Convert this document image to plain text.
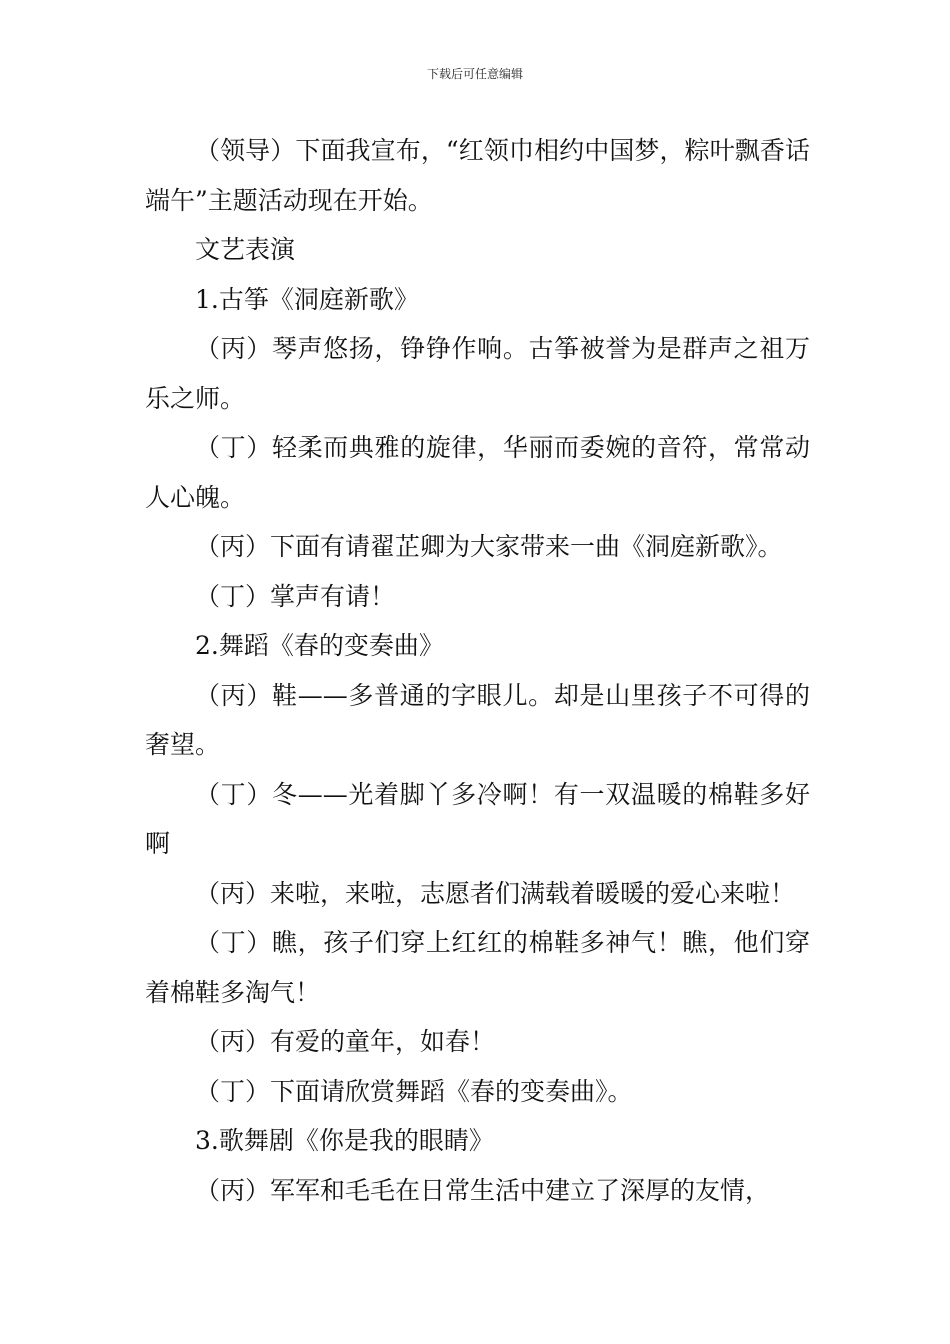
下载后可任意编辑

（领导）下面我宣布，“红领巾相约中国梦，粽叶飘香话端午”主题活动现在开始。

文艺表演

1.古筝《洞庭新歌》

（丙）琴声悠扬，铮铮作响。古筝被誉为是群声之祖万乐之师。

（丁）轻柔而典雅的旋律，华丽而委婉的音符，常常动人心魄。

（丙）下面有请翟芷卿为大家带来一曲《洞庭新歌》。

（丁）掌声有请！

2.舞蹈《春的变奏曲》

（丙）鞋——多普通的字眼儿。却是山里孩子不可得的奢望。

（丁）冬——光着脚丫多冷啊！有一双温暖的棉鞋多好啊

（丙）来啦，来啦，志愿者们满载着暖暖的爱心来啦！

（丁）瞧，孩子们穿上红红的棉鞋多神气！瞧，他们穿着棉鞋多淘气！

（丙）有爱的童年，如春！

（丁）下面请欣赏舞蹈《春的变奏曲》。

3.歌舞剧《你是我的眼睛》

（丙）军军和毛毛在日常生活中建立了深厚的友情，
